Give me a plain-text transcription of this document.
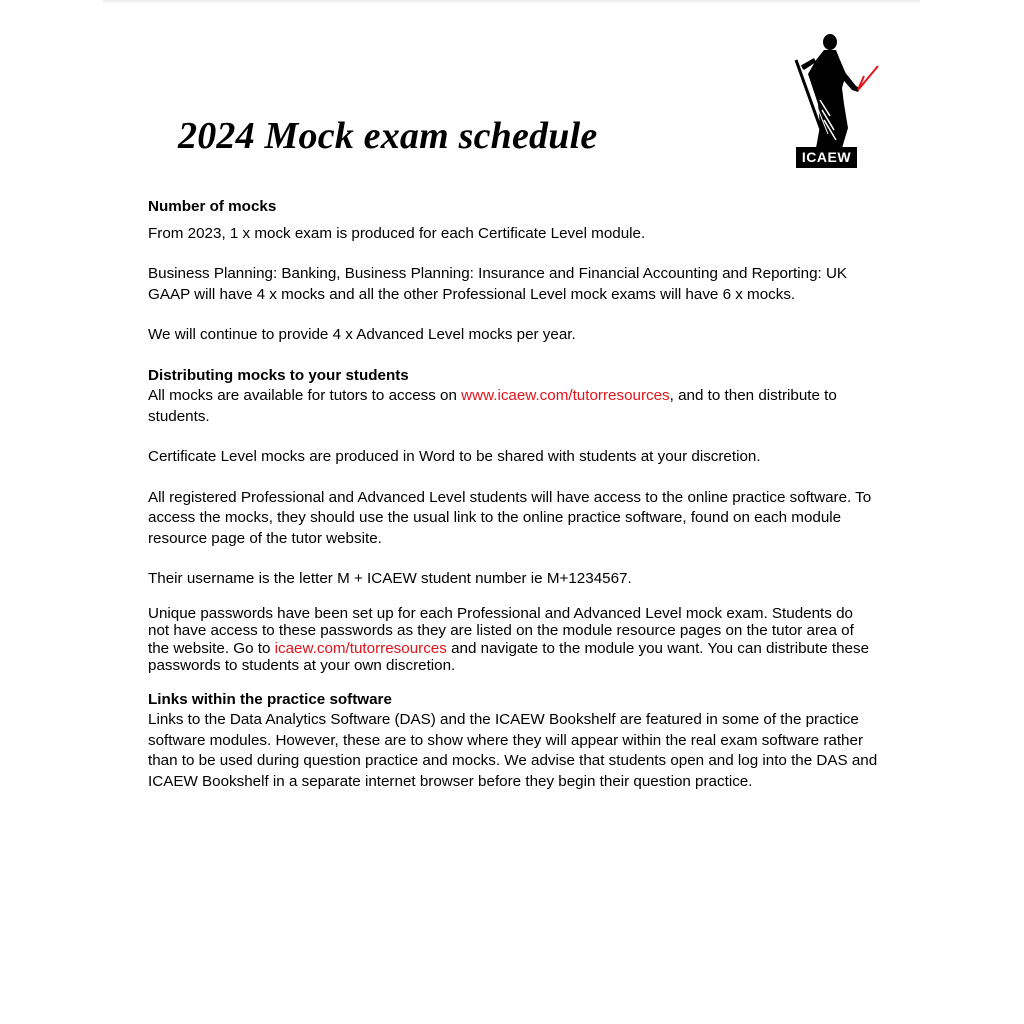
2024 Mock exam schedule	ICAEW
Number of mocks

From 2023, 1 x mock exam is produced for each Certificate Level module.

Business Planning: Banking, Business Planning: Insurance and Financial Accounting and Reporting: UK GAAP will have 4 x mocks and all the other Professional Level mock exams will have 6 x mocks.

We will continue to provide 4 x Advanced Level mocks per year.

Distributing mocks to your students

All mocks are available for tutors to access on www.icaew.com/tutorresources, and to then distribute to students.

Certificate Level mocks are produced in Word to be shared with students at your discretion.

All registered Professional and Advanced Level students will have access to the online practice software. To access the mocks, they should use the usual link to the online practice software, found on each module resource page of the tutor website.

Their username is the letter M + ICAEW student number ie M+1234567.

Unique passwords have been set up for each Professional and Advanced Level mock exam. Students do not have access to these passwords as they are listed on the module resource pages on the tutor area of the website. Go to icaew.com/tutorresources and navigate to the module you want. You can distribute these passwords to students at your own discretion.

Links within the practice software

Links to the Data Analytics Software (DAS) and the ICAEW Bookshelf are featured in some of the practice software modules. However, these are to show where they will appear within the real exam software rather than to be used during question practice and mocks. We advise that students open and log into the DAS and ICAEW Bookshelf in a separate internet browser before they begin their question practice.
